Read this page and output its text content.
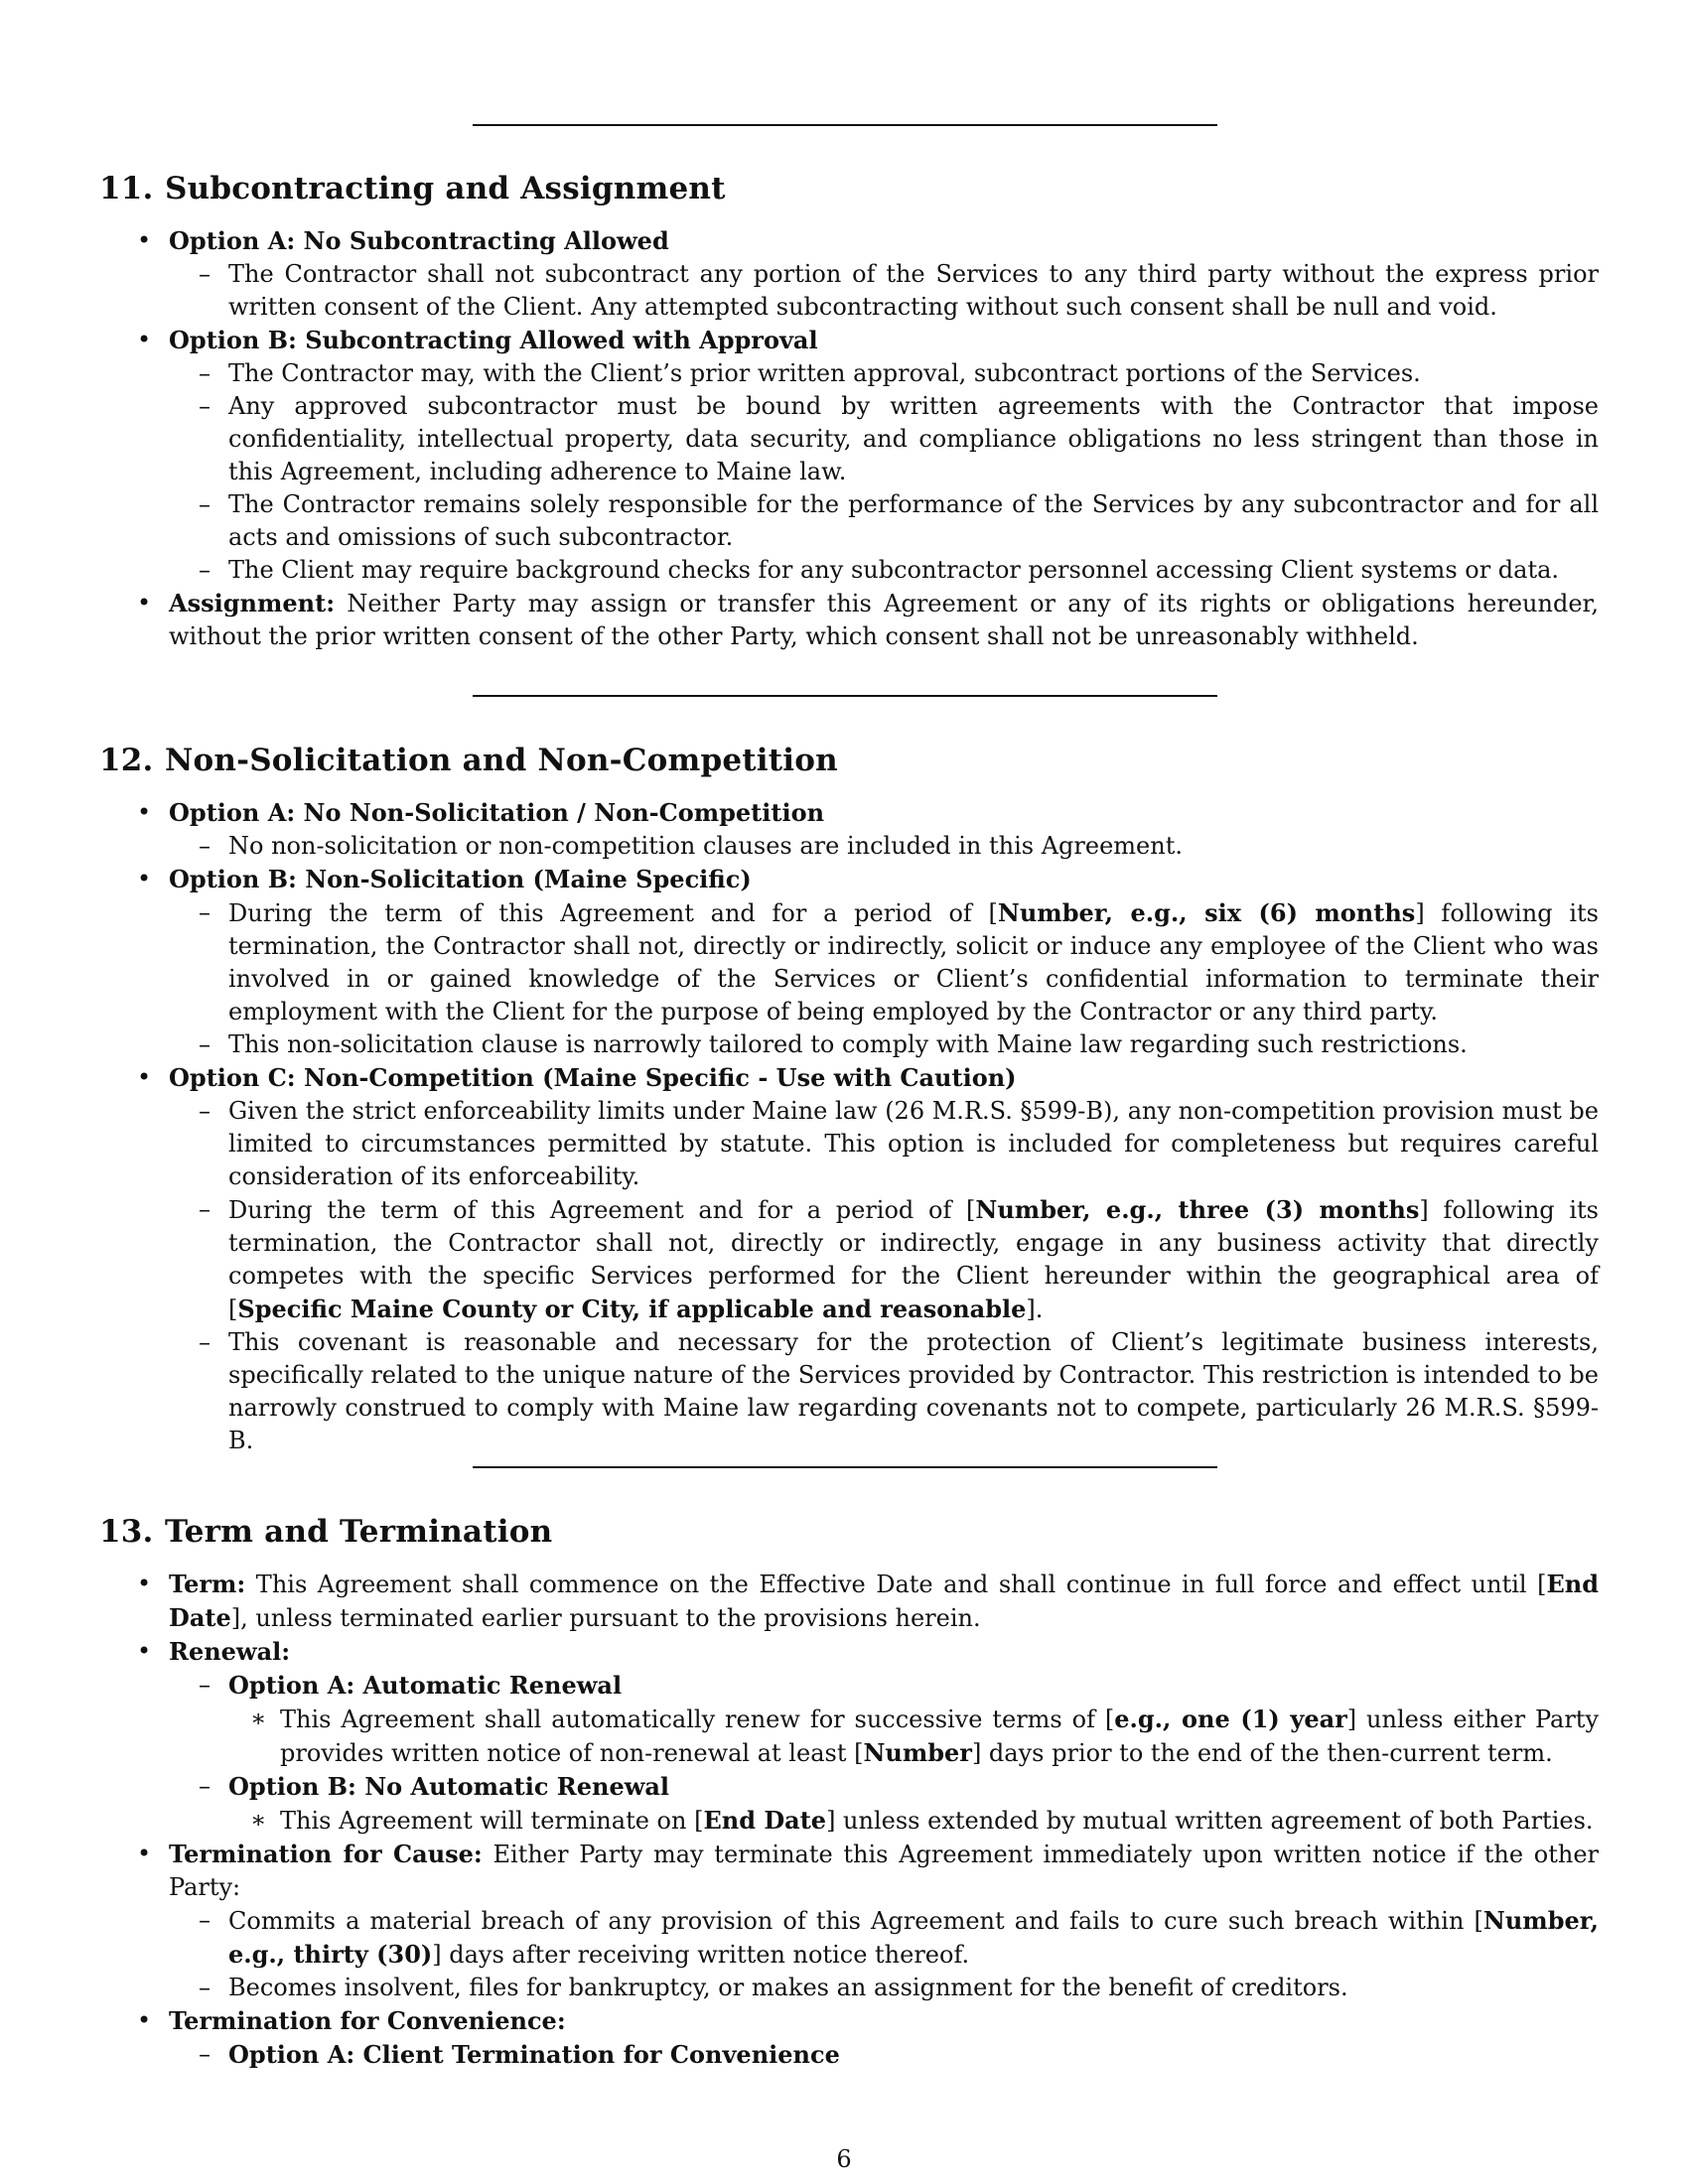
11. Subcontracting and Assignment
• Option A: No Subcontracting Allowed
– The Contractor shall not subcontract any portion of the Services to any third party without the express prior written consent of the Client. Any attempted subcontracting without such consent shall be null and void.
• Option B: Subcontracting Allowed with Approval
– The Contractor may, with the Client’s prior written approval, subcontract portions of the Services.
– Any approved subcontractor must be bound by written agreements with the Contractor that impose confidentiality, intellectual property, data security, and compliance obligations no less stringent than those in this Agreement, including adherence to Maine law.
– The Contractor remains solely responsible for the performance of the Services by any subcontractor and for all acts and omissions of such subcontractor.
– The Client may require background checks for any subcontractor personnel accessing Client systems or data.
• Assignment: Neither Party may assign or transfer this Agreement or any of its rights or obligations hereunder, without the prior written consent of the other Party, which consent shall not be unreasonably withheld.
12. Non-Solicitation and Non-Competition
• Option A: No Non-Solicitation / Non-Competition
– No non-solicitation or non-competition clauses are included in this Agreement.
• Option B: Non-Solicitation (Maine Specific)
– During the term of this Agreement and for a period of [Number, e.g., six (6) months] following its termination, the Contractor shall not, directly or indirectly, solicit or induce any employee of the Client who was involved in or gained knowledge of the Services or Client’s confidential information to terminate their employment with the Client for the purpose of being employed by the Contractor or any third party.
– This non-solicitation clause is narrowly tailored to comply with Maine law regarding such restrictions.
• Option C: Non-Competition (Maine Specific - Use with Caution)
– Given the strict enforceability limits under Maine law (26 M.R.S. §599-B), any non-competition provision must be limited to circumstances permitted by statute. This option is included for completeness but requires careful consideration of its enforceability.
– During the term of this Agreement and for a period of [Number, e.g., three (3) months] following its termination, the Contractor shall not, directly or indirectly, engage in any business activity that directly competes with the specific Services performed for the Client hereunder within the geographical area of [Specific Maine County or City, if applicable and reasonable].
– This covenant is reasonable and necessary for the protection of Client’s legitimate business interests, specifically related to the unique nature of the Services provided by Contractor. This restriction is intended to be narrowly construed to comply with Maine law regarding covenants not to compete, particularly 26 M.R.S. §599-B.
13. Term and Termination
• Term: This Agreement shall commence on the Effective Date and shall continue in full force and effect until [End Date], unless terminated earlier pursuant to the provisions herein.
• Renewal:
– Option A: Automatic Renewal
∗ This Agreement shall automatically renew for successive terms of [e.g., one (1) year] unless either Party provides written notice of non-renewal at least [Number] days prior to the end of the then-current term.
– Option B: No Automatic Renewal
∗ This Agreement will terminate on [End Date] unless extended by mutual written agreement of both Parties.
• Termination for Cause: Either Party may terminate this Agreement immediately upon written notice if the other Party:
– Commits a material breach of any provision of this Agreement and fails to cure such breach within [Number, e.g., thirty (30)] days after receiving written notice thereof.
– Becomes insolvent, files for bankruptcy, or makes an assignment for the benefit of creditors.
• Termination for Convenience:
– Option A: Client Termination for Convenience
6
